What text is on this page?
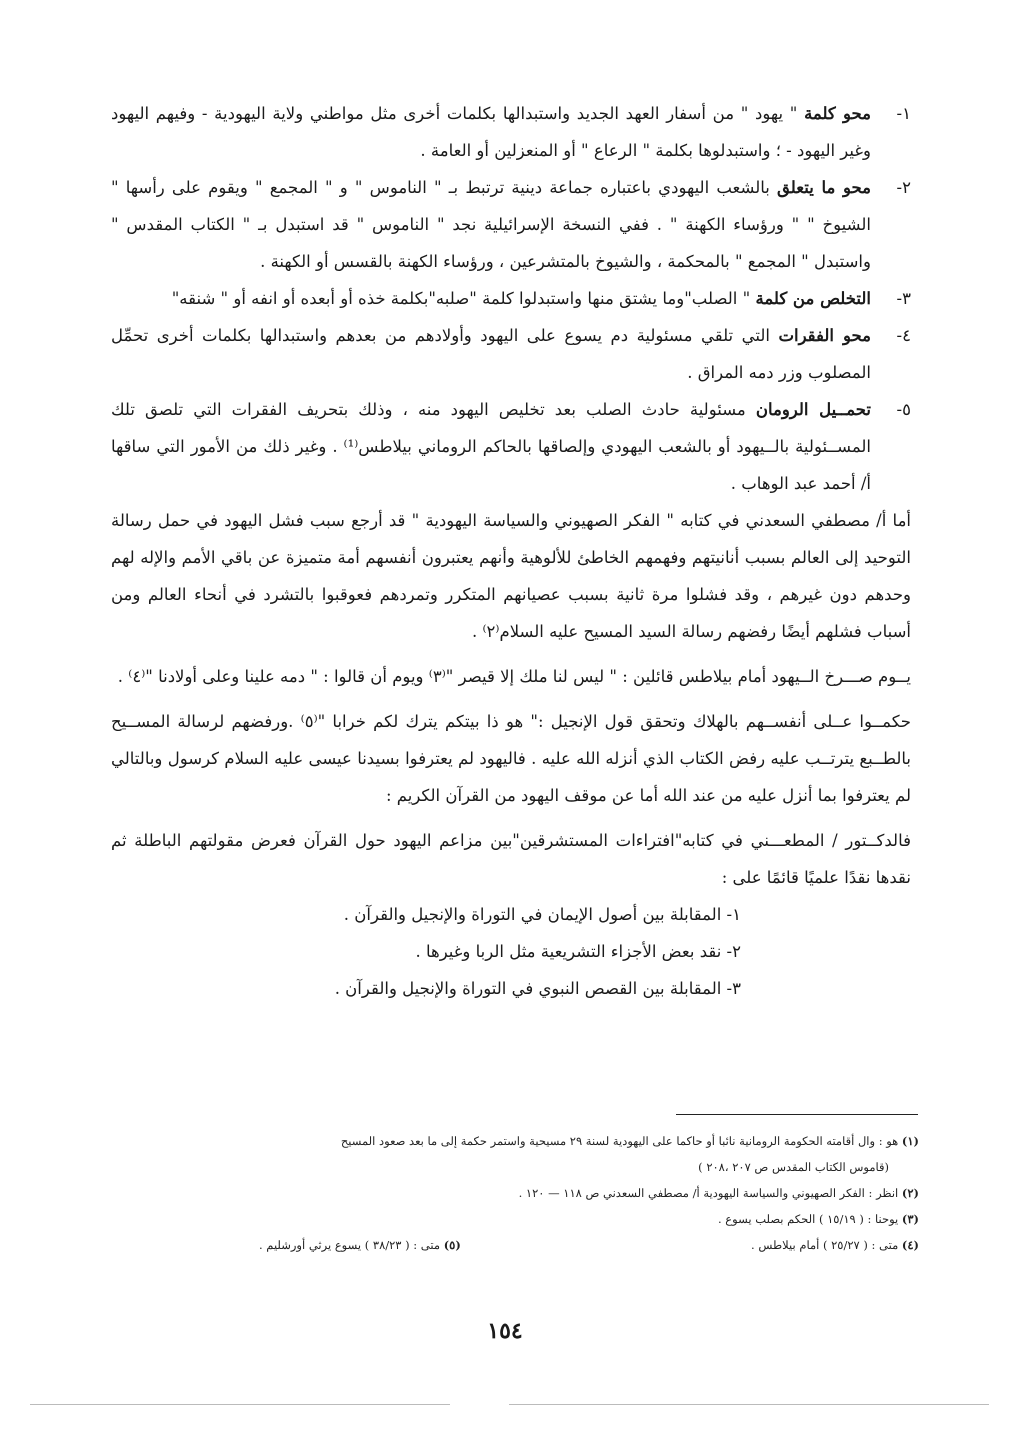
١-
محو كلمة " يهود " من أسفار العهد الجديد واستبدالها بكلمات أخرى مثل مواطني ولاية اليهودية - وفيهم اليهود وغير اليهود - ؛ واستبدلوها بكلمة " الرعاع " أو المنعزلين أو العامة .
٢-
محو ما يتعلق بالشعب اليهودي باعتباره جماعة دينية ترتبط بـ " الناموس " و " المجمع " ويقوم على رأسها " الشيوخ " " ورؤساء الكهنة " . ففي النسخة الإسرائيلية نجد " الناموس " قد استبدل بـ " الكتاب المقدس " واستبدل " المجمع " بالمحكمة ، والشيوخ بالمتشرعين ، ورؤساء الكهنة بالقسس أو الكهنة .
٣-
التخلص من كلمة " الصلب"وما يشتق منها واستبدلوا كلمة "صلبه"بكلمة خذه أو أبعده أو انفه أو " شنقه"
٤-
محو الفقرات التي تلقي مسئولية دم يسوع على اليهود وأولادهم من بعدهم واستبدالها بكلمات أخرى تحمِّل المصلوب وزر دمه المراق .
٥-
تحمــيل الرومان مسئولية حادث الصلب بعد تخليص اليهود منه ، وذلك بتحريف الفقرات التي تلصق تلك المســئولية بالــيهود أو بالشعب اليهودي وإلصاقها بالحاكم الروماني بيلاطس⁽¹⁾ . وغير ذلك من الأمور التي ساقها أ/ أحمد عبد الوهاب .

أما أ/ مصطفي السعدني في كتابه " الفكر الصهيوني والسياسة اليهودية " قد أرجع سبب فشل اليهود في حمل رسالة التوحيد إلى العالم بسبب أنانيتهم وفهمهم الخاطئ للألوهية وأنهم يعتبرون أنفسهم أمة متميزة عن باقي الأمم والإله لهم وحدهم دون غيرهم ، وقد فشلوا مرة ثانية بسبب عصيانهم المتكرر وتمردهم فعوقبوا بالتشرد في أنحاء العالم ومن أسباب فشلهم أيضًا رفضهم رسالة السيد المسيح عليه السلام⁽٢⁾ .

يــوم صـــرخ الــيهود أمام بيلاطس قائلين : " ليس لنا ملك إلا قيصر "⁽٣⁾ ويوم أن قالوا : " دمه علينا وعلى أولادنا "⁽٤⁾ .

حكمــوا عــلى أنفســهم بالهلاك وتحقق قول الإنجيل :" هو ذا بيتكم يترك لكم خرابا "⁽٥⁾ .ورفضهم لرسالة المســيح بالطــبع يترتــب عليه رفض الكتاب الذي أنزله الله عليه . فاليهود لم يعترفوا بسيدنا عيسى عليه السلام كرسول وبالتالي لم يعترفوا بما أنزل عليه من عند الله أما عن موقف اليهود من القرآن الكريم :

فالدكــتور / المطعـــني في كتابه"افتراءات المستشرقين"بين مزاعم اليهود حول القرآن فعرض مقولتهم الباطلة ثم نقدها نقدًا علميًا قائمًا على :

١- المقابلة بين أصول الإيمان في التوراة والإنجيل والقرآن .

٢- نقد بعض الأجزاء التشريعية مثل الربا وغيرها .

٣- المقابلة بين القصص النبوي في التوراة والإنجيل والقرآن .

(١) هو : وال أقامته الحكومة الرومانية نائبا أو حاكما على اليهودية لسنة ٢٩ مسيحية واستمر حكمة إلى ما بعد صعود المسيح

(قاموس الكتاب المقدس ص ٢٠٧ ،٢٠٨ )

(٢) انظر : الفكر الصهيوني والسياسة اليهودية أ/ مصطفي السعدني ص ١١٨ — ١٢٠ .

(٣) يوحنا : ( ١٥/١٩ ) الحكم بصلب يسوع .

(٤) متى : ( ٢٥/٢٧ ) أمام بيلاطس .

(٥) متى : ( ٣٨/٢٣ ) يسوع يرثي أورشليم .

١٥٤
